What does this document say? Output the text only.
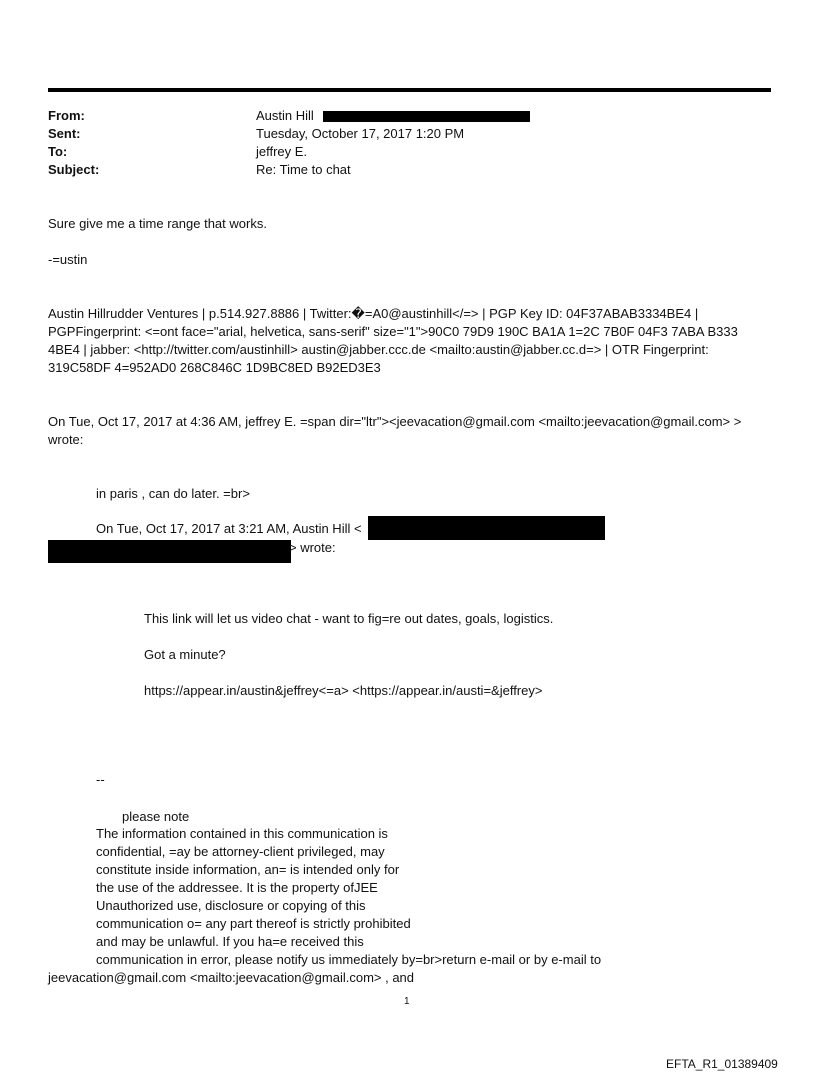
From:	Austin Hill
Sent:	Tuesday, October 17, 2017 1:20 PM
To:	jeffrey E.
Subject:	Re: Time to chat
Sure give me a time range that works.
-=ustin
Austin Hillrudder Ventures | p.514.927.8886 | Twitter:�=A0@austinhill</=> | PGP Key ID: 04F37ABAB3334BE4 |
PGPFingerprint: <=ont face="arial, helvetica, sans-serif" size="1">90C0 79D9 190C BA1A 1=2C 7B0F 04F3 7ABA B333
4BE4 | jabber: <http://twitter.com/austinhill> austin@jabber.ccc.de <mailto:austin@jabber.cc.d=> | OTR Fingerprint:
319C58DF 4=952AD0 268C846C 1D9BC8ED B92ED3E3
On Tue, Oct 17, 2017 at 4:36 AM, jeffrey E. =span dir="ltr"><jeevacation@gmail.com <mailto:jeevacation@gmail.com> >
wrote:
in paris , can do later. =br>
On Tue, Oct 17, 2017 at 3:21 AM, Austin Hill <
> wrote:
This link will let us video chat - want to fig=re out dates, goals, logistics.
Got a minute?
https://appear.in/austin&jeffrey<=a> <https://appear.in/austi=&jeffrey>
--
please note
The information contained in this communication is
confidential, =ay be attorney-client privileged, may
constitute inside information, an= is intended only for
the use of the addressee. It is the property ofJEE
Unauthorized use, disclosure or copying of this
communication o= any part thereof is strictly prohibited
and may be unlawful. If you ha=e received this
communication in error, please notify us immediately by=br>return e-mail or by e-mail to
jeevacation@gmail.com <mailto:jeevacation@gmail.com> , and
1
EFTA_R1_01389409
